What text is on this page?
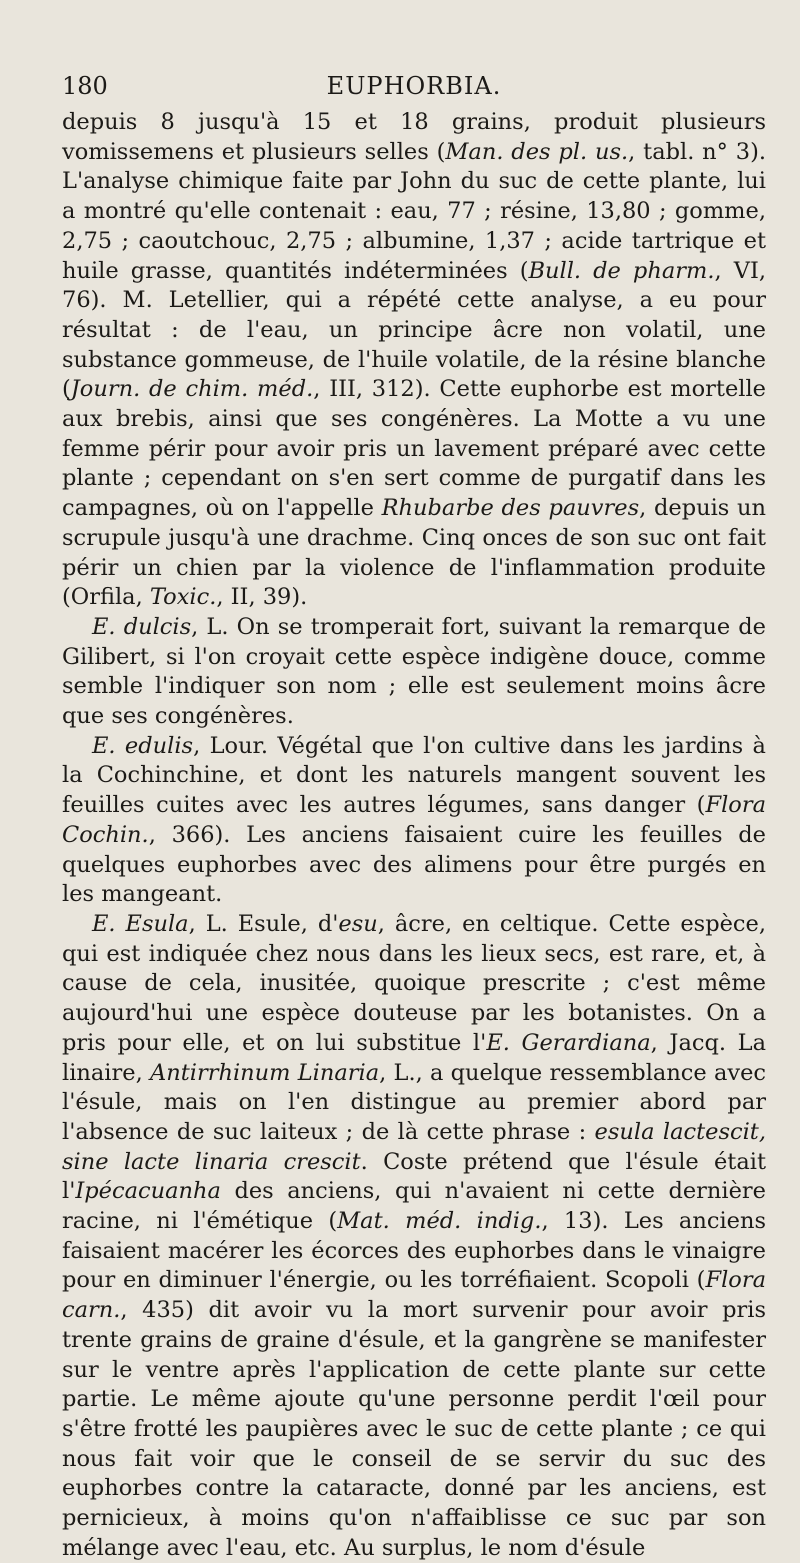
180	EUPHORBIA.

depuis 8 jusqu'à 15 et 18 grains, produit plusieurs vomissemens et plusieurs selles (Man. des pl. us., tabl. n° 3). L'analyse chimique faite par John du suc de cette plante, lui a montré qu'elle contenait : eau, 77 ; résine, 13,80 ; gomme, 2,75 ; caoutchouc, 2,75 ; albumine, 1,37 ; acide tartrique et huile grasse, quantités indéterminées (Bull. de pharm., VI, 76). M. Letellier, qui a répété cette analyse, a eu pour résultat : de l'eau, un principe âcre non volatil, une substance gommeuse, de l'huile volatile, de la résine blanche (Journ. de chim. méd., III, 312). Cette euphorbe est mortelle aux brebis, ainsi que ses congénères. La Motte a vu une femme périr pour avoir pris un lavement préparé avec cette plante ; cependant on s'en sert comme de purgatif dans les campagnes, où on l'appelle Rhubarbe des pauvres, depuis un scrupule jusqu'à une drachme. Cinq onces de son suc ont fait périr un chien par la violence de l'inflammation produite (Orfila, Toxic., II, 39).

E. dulcis, L. On se tromperait fort, suivant la remarque de Gilibert, si l'on croyait cette espèce indigène douce, comme semble l'indiquer son nom ; elle est seulement moins âcre que ses congénères.

E. edulis, Lour. Végétal que l'on cultive dans les jardins à la Cochinchine, et dont les naturels mangent souvent les feuilles cuites avec les autres légumes, sans danger (Flora Cochin., 366). Les anciens faisaient cuire les feuilles de quelques euphorbes avec des alimens pour être purgés en les mangeant.

E. Esula, L. Esule, d'esu, âcre, en celtique. Cette espèce, qui est indiquée chez nous dans les lieux secs, est rare, et, à cause de cela, inusitée, quoique prescrite ; c'est même aujourd'hui une espèce douteuse par les botanistes. On a pris pour elle, et on lui substitue l'E. Gerardiana, Jacq. La linaire, Antirrhinum Linaria, L., a quelque ressemblance avec l'ésule, mais on l'en distingue au premier abord par l'absence de suc laiteux ; de là cette phrase : esula lactescit, sine lacte linaria crescit. Coste prétend que l'ésule était l'Ipécacuanha des anciens, qui n'avaient ni cette dernière racine, ni l'émétique (Mat. méd. indig., 13). Les anciens faisaient macérer les écorces des euphorbes dans le vinaigre pour en diminuer l'énergie, ou les torréfiaient. Scopoli (Flora carn., 435) dit avoir vu la mort survenir pour avoir pris trente grains de graine d'ésule, et la gangrène se manifester sur le ventre après l'application de cette plante sur cette partie. Le même ajoute qu'une personne perdit l'œil pour s'être frotté les paupières avec le suc de cette plante ; ce qui nous fait voir que le conseil de se servir du suc des euphorbes contre la cataracte, donné par les anciens, est pernicieux, à moins qu'on n'affaiblisse ce suc par son mélange avec l'eau, etc. Au surplus, le nom d'ésule
